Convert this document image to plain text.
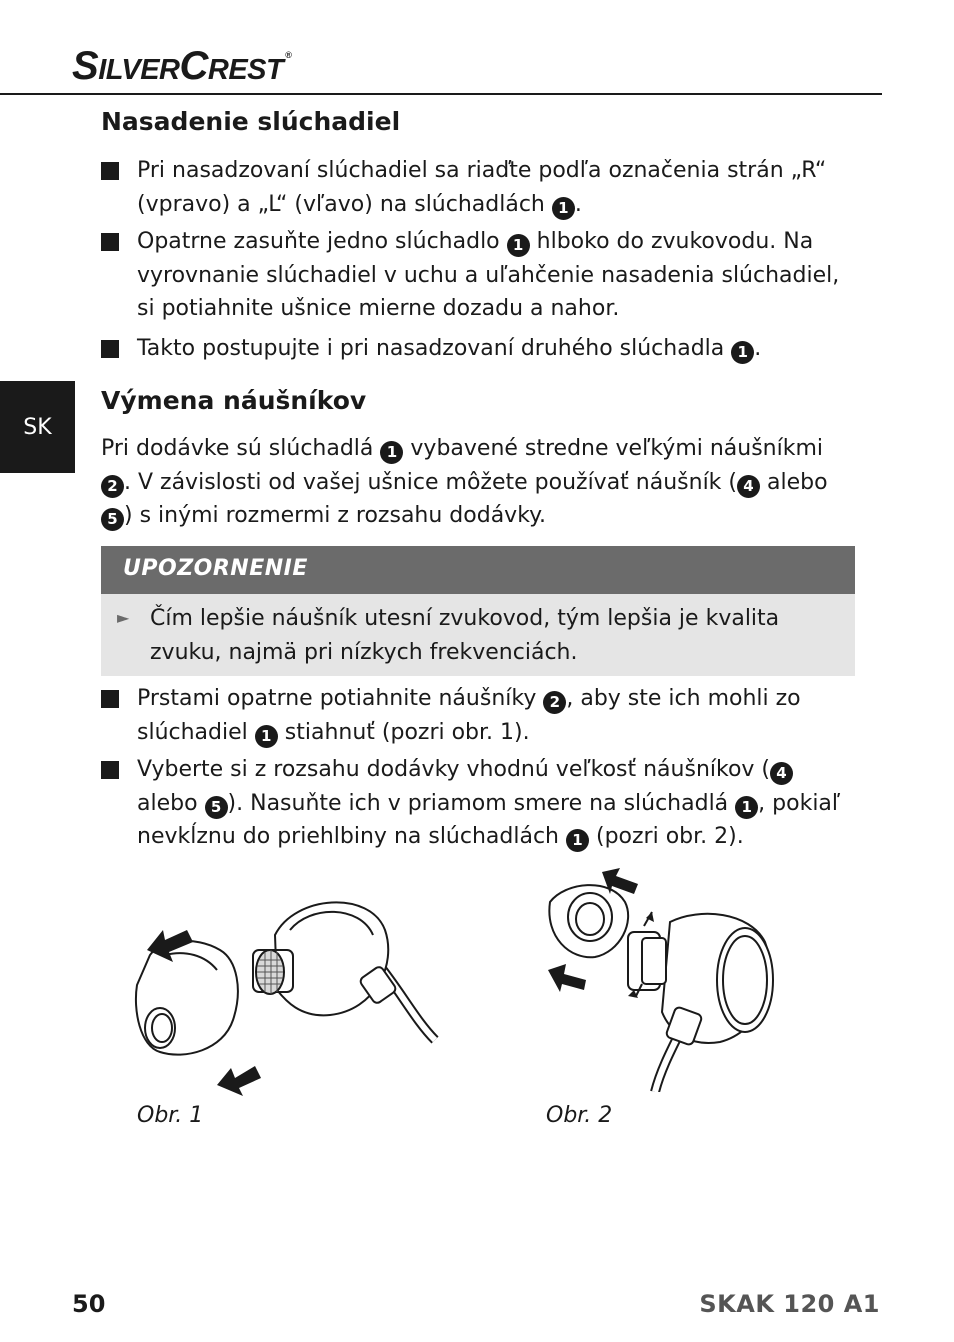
SILVERCREST ®
SK
Nasadenie slúchadiel
Pri nasadzovaní slúchadiel sa riaďte podľa označenia strán „R“ (vpravo) a „L“ (vľavo) na slúchadlách 1 .
Opatrne zasuňte jedno slúchadlo 1 hlboko do zvukovodu. Na vyrovnanie slúchadiel v uchu a uľahčenie nasadenia slúchadiel, si potiahnite ušnice mierne dozadu a nahor.
Takto postupujte i pri nasadzovaní druhého slúchadla 1 .
Výmena náušníkov

Pri dodávke sú slúchadlá 1 vybavené stredne veľkými náušníkmi 2 . V závislosti od vašej ušnice môžete používať náušník ( 4 alebo 5 ) s inými rozmermi z rozsahu dodávky.

UPOZORNENIE
► Čím lepšie náušník utesní zvukovod, tým lepšia je kvalita zvuku, najmä pri nízkych frekvenciách.
Prstami opatrne potiahnite náušníky 2 , aby ste ich mohli zo slúchadiel 1 stiahnuť (pozri obr. 1).
Vyberte si z rozsahu dodávky vhodnú veľkosť náušníkov ( 4 alebo 5 ). Nasuňte ich v priamom smere na slúchadlá 1 , pokiaľ nevkĺznu do priehlbiny na slúchadlách 1 (pozri obr. 2).
Obr. 1	Obr. 2
50	SKAK 120 A1
